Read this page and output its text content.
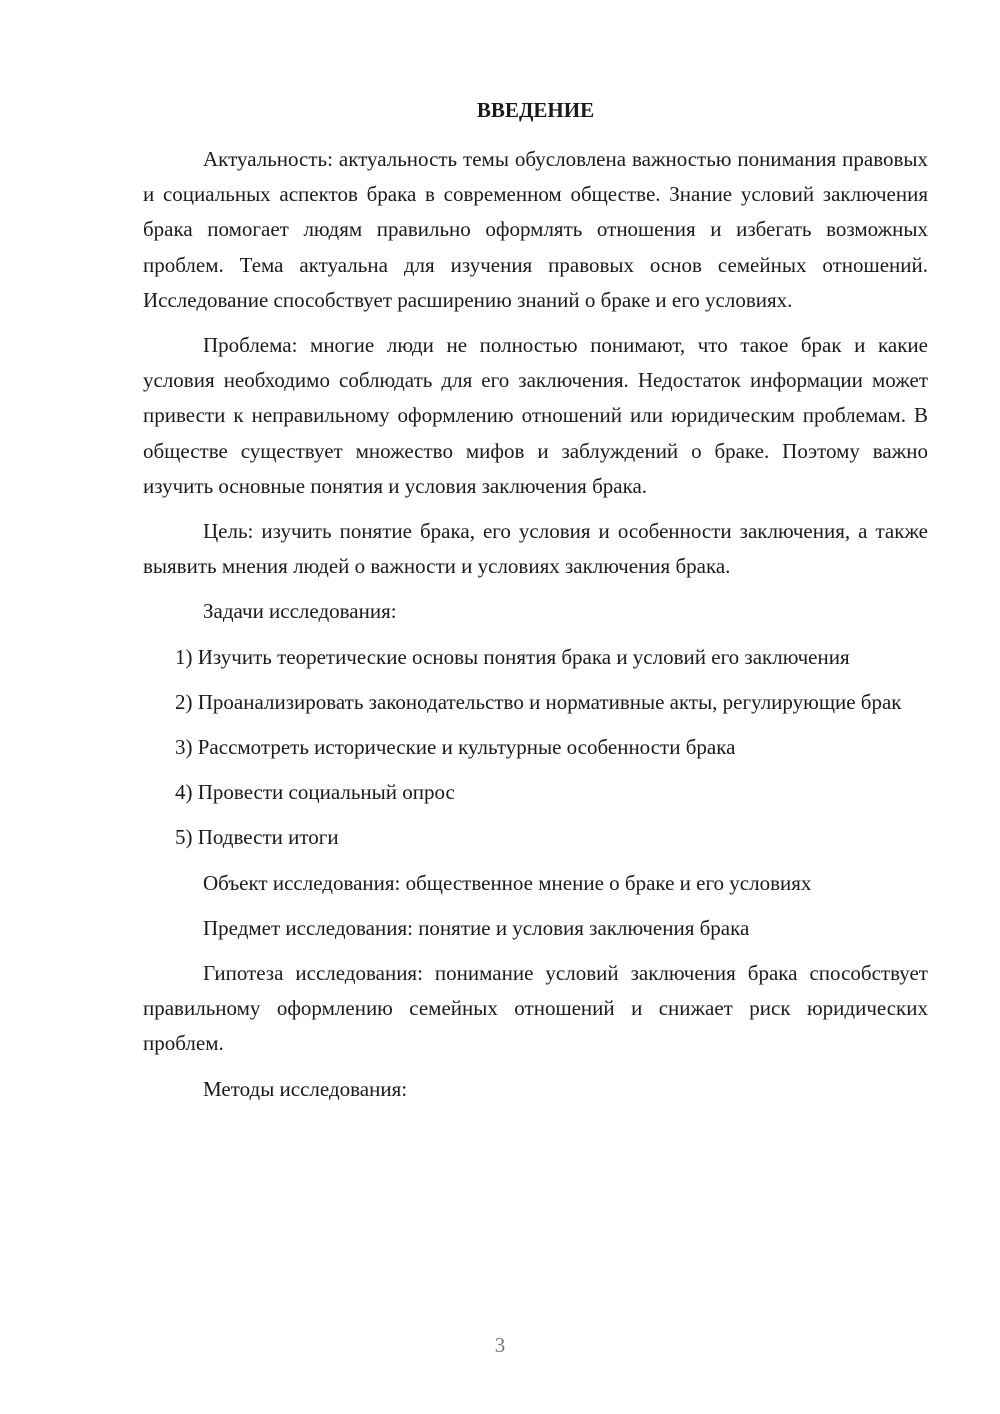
ВВЕДЕНИЕ

Актуальность: актуальность темы обусловлена важностью понимания правовых и социальных аспектов брака в современном обществе. Знание условий заключения брака помогает людям правильно оформлять отношения и избегать возможных проблем. Тема актуальна для изучения правовых основ семейных отношений. Исследование способствует расширению знаний о браке и его условиях.

Проблема: многие люди не полностью понимают, что такое брак и какие условия необходимо соблюдать для его заключения. Недостаток информации может привести к неправильному оформлению отношений или юридическим проблемам. В обществе существует множество мифов и заблуждений о браке. Поэтому важно изучить основные понятия и условия заключения брака.

Цель: изучить понятие брака, его условия и особенности заключения, а также выявить мнения людей о важности и условиях заключения брака.

Задачи исследования:

1) Изучить теоретические основы понятия брака и условий его заключения

2) Проанализировать законодательство и нормативные акты, регулирующие брак

3) Рассмотреть исторические и культурные особенности брака

4) Провести социальный опрос

5) Подвести итоги

Объект исследования: общественное мнение о браке и его условиях

Предмет исследования: понятие и условия заключения брака

Гипотеза исследования: понимание условий заключения брака способствует правильному оформлению семейных отношений и снижает риск юридических проблем.

Методы исследования:

3
